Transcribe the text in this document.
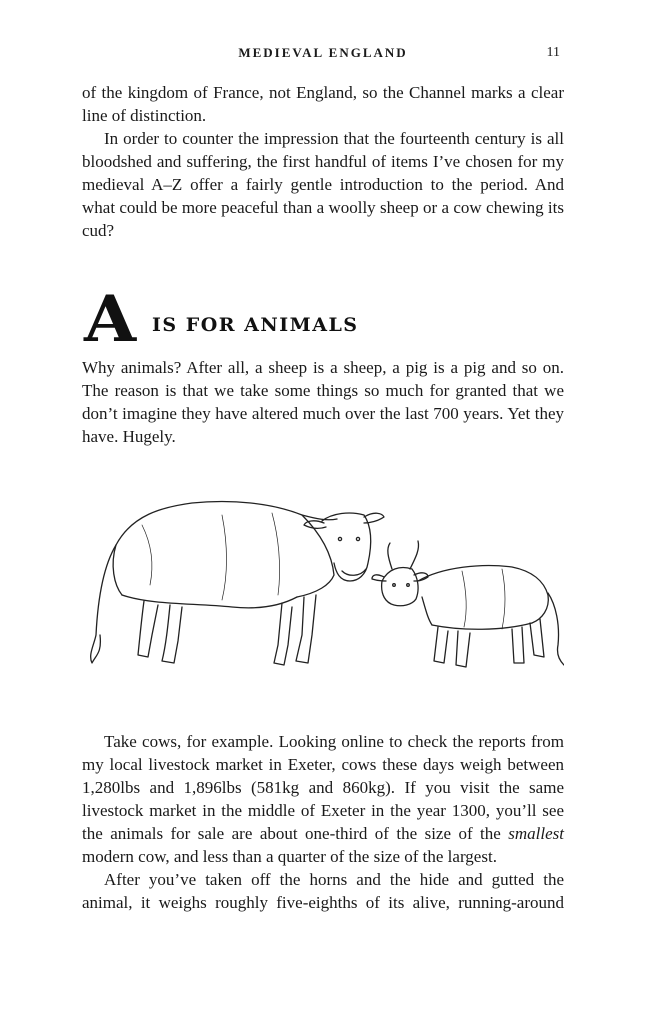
MEDIEVAL ENGLAND	11

of the kingdom of France, not England, so the Channel marks a clear line of distinction.

In order to counter the impression that the fourteenth century is all bloodshed and suffering, the first handful of items I’ve chosen for my medieval A–Z offer a fairly gentle introduction to the period. And what could be more peaceful than a woolly sheep or a cow chewing its cud?

A IS FOR ANIMALS

Why animals? After all, a sheep is a sheep, a pig is a pig and so on. The reason is that we take some things so much for granted that we don’t imagine they have altered much over the last 700 years. Yet they have. Hugely.

Take cows, for example. Looking online to check the reports from my local livestock market in Exeter, cows these days weigh between 1,280lbs and 1,896lbs (581kg and 860kg). If you visit the same livestock market in the middle of Exeter in the year 1300, you’ll see the animals for sale are about one-third of the size of the smallest modern cow, and less than a quarter of the size of the largest.

After you’ve taken off the horns and the hide and gutted the animal, it weighs roughly five-eighths of its alive, running-around
